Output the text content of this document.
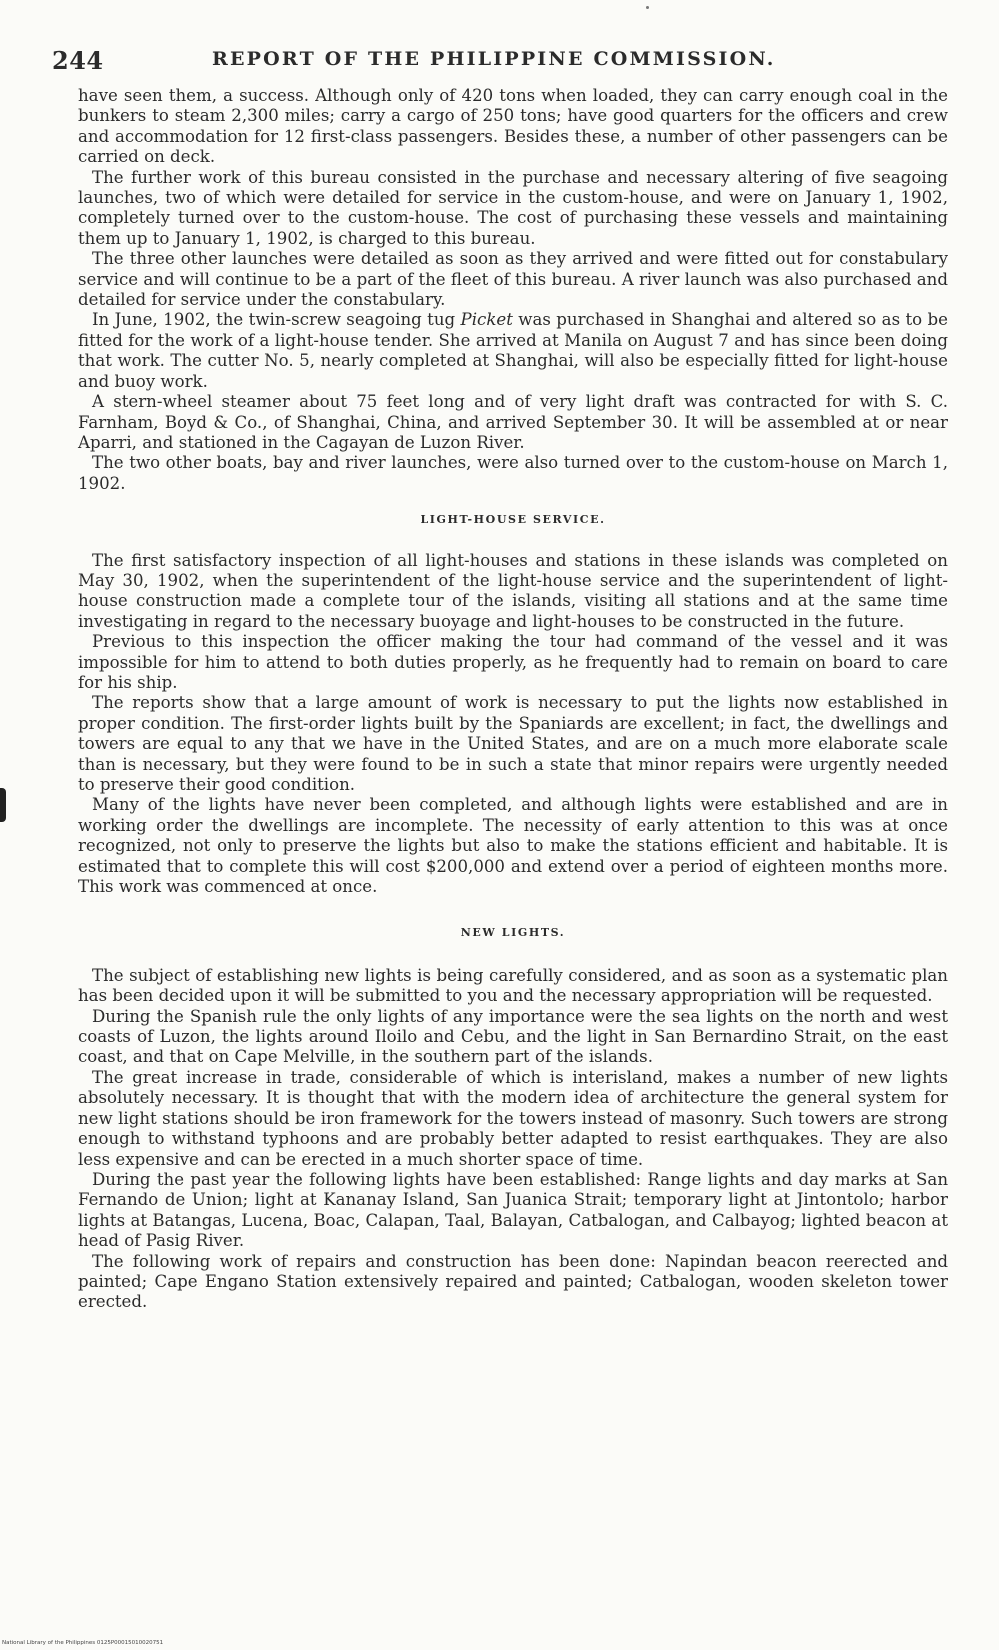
244	REPORT OF THE PHILIPPINE COMMISSION.

have seen them, a success. Although only of 420 tons when loaded, they can carry enough coal in the bunkers to steam 2,300 miles; carry a cargo of 250 tons; have good quarters for the officers and crew and accommodation for 12 first-class passengers. Besides these, a number of other passengers can be carried on deck.

The further work of this bureau consisted in the purchase and necessary altering of five seagoing launches, two of which were detailed for service in the custom-house, and were on January 1, 1902, completely turned over to the custom-house. The cost of purchasing these vessels and maintaining them up to January 1, 1902, is charged to this bureau.

The three other launches were detailed as soon as they arrived and were fitted out for constabulary service and will continue to be a part of the fleet of this bureau. A river launch was also purchased and detailed for service under the constabulary.

In June, 1902, the twin-screw seagoing tug Picket was purchased in Shanghai and altered so as to be fitted for the work of a light-house tender. She arrived at Manila on August 7 and has since been doing that work. The cutter No. 5, nearly completed at Shanghai, will also be especially fitted for light-house and buoy work.

A stern-wheel steamer about 75 feet long and of very light draft was contracted for with S. C. Farnham, Boyd & Co., of Shanghai, China, and arrived September 30. It will be assembled at or near Aparri, and stationed in the Cagayan de Luzon River.

The two other boats, bay and river launches, were also turned over to the custom-house on March 1, 1902.

LIGHT-HOUSE SERVICE.

The first satisfactory inspection of all light-houses and stations in these islands was completed on May 30, 1902, when the superintendent of the light-house service and the superintendent of light-house construction made a complete tour of the islands, visiting all stations and at the same time investigating in regard to the necessary buoyage and light-houses to be constructed in the future.

Previous to this inspection the officer making the tour had command of the vessel and it was impossible for him to attend to both duties properly, as he frequently had to remain on board to care for his ship.

The reports show that a large amount of work is necessary to put the lights now established in proper condition. The first-order lights built by the Spaniards are excellent; in fact, the dwellings and towers are equal to any that we have in the United States, and are on a much more elaborate scale than is necessary, but they were found to be in such a state that minor repairs were urgently needed to preserve their good condition.

Many of the lights have never been completed, and although lights were established and are in working order the dwellings are incomplete. The necessity of early attention to this was at once recognized, not only to preserve the lights but also to make the stations efficient and habitable. It is estimated that to complete this will cost $200,000 and extend over a period of eighteen months more. This work was commenced at once.

NEW LIGHTS.

The subject of establishing new lights is being carefully considered, and as soon as a systematic plan has been decided upon it will be submitted to you and the necessary appropriation will be requested.

During the Spanish rule the only lights of any importance were the sea lights on the north and west coasts of Luzon, the lights around Iloilo and Cebu, and the light in San Bernardino Strait, on the east coast, and that on Cape Melville, in the southern part of the islands.

The great increase in trade, considerable of which is interisland, makes a number of new lights absolutely necessary. It is thought that with the modern idea of architecture the general system for new light stations should be iron framework for the towers instead of masonry. Such towers are strong enough to withstand typhoons and are probably better adapted to resist earthquakes. They are also less expensive and can be erected in a much shorter space of time.

During the past year the following lights have been established: Range lights and day marks at San Fernando de Union; light at Kananay Island, San Juanica Strait; temporary light at Jintontolo; harbor lights at Batangas, Lucena, Boac, Calapan, Taal, Balayan, Catbalogan, and Calbayog; lighted beacon at head of Pasig River.

The following work of repairs and construction has been done: Napindan beacon reerected and painted; Cape Engano Station extensively repaired and painted; Catbalogan, wooden skeleton tower erected.

National Library of the Philippines 0125P00015010020751
